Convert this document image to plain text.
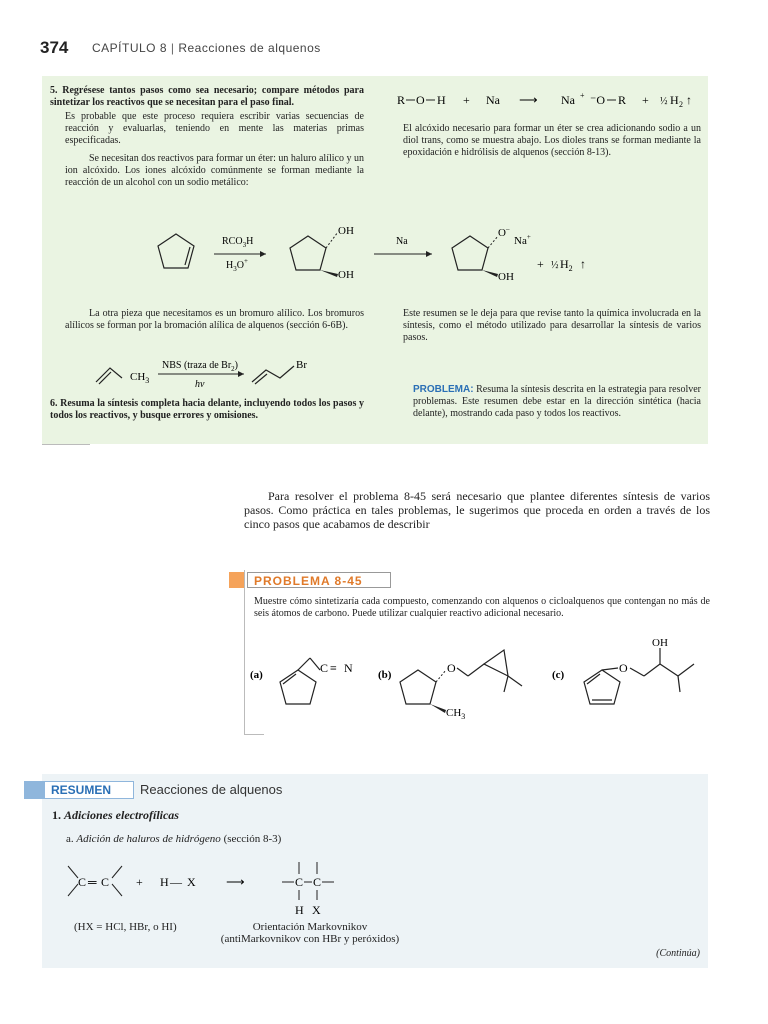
374 CAPÍTULO 8 | Reacciones de alquenos
5. Regrésese tantos pasos como sea necesario; compare métodos para sintetizar los reactivos que se necesitan para el paso final.
Es probable que este proceso requiera escribir varias secuencias de reacción y evaluarlas, teniendo en mente las materias primas especificadas.
Se necesitan dos reactivos para formar un éter: un haluro alílico y un ion alcóxido. Los iones alcóxido comúnmente se forman mediante la reacción de un alcohol con un sodio metálico:
R O H + Na ⟶ Na + ⁻O R + ½ H 2 ↑
El alcóxido necesario para formar un éter se crea adicionando sodio a un diol trans, como se muestra abajo. Los dioles trans se forman mediante la epoxidación e hidrólisis de alquenos (sección 8-13).
$RCO_3H$
$H_3O^+$
OH
OH
Na
O–
Na+
OH
+ ½ $H_2$ ↑
La otra pieza que necesitamos es un bromuro alílico. Los bromuros alílicos se forman por la bromación alílica de alquenos (sección 6-6B).
Este resumen se le deja para que revise tanto la química involucrada en la síntesis, como el método utilizado para desarrollar la síntesis de varios pasos.
$CH_3$
NBS (traza de $Br_2$)
hv
Br
6. Resuma la síntesis completa hacia delante, incluyendo todos los pasos y todos los reactivos, y busque errores y omisiones.
PROBLEMA: Resuma la síntesis descrita en la estrategia para resolver problemas. Este resumen debe estar en la dirección sintética (hacia delante), mostrando cada paso y todos los reactivos.
Para resolver el problema 8-45 será necesario que plantee diferentes síntesis de varios pasos. Como práctica en tales problemas, le sugerimos que proceda en orden a través de los cinco pasos que acabamos de describir
PROBLEMA 8-45
Muestre cómo sintetizaría cada compuesto, comenzando con alquenos o cicloalquenos que contengan no más de seis átomos de carbono. Puede utilizar cualquier reactivo adicional necesario.
(a)	C ≡ N (b)	O
$CH_3$
(c)	O
OH
RESUMEN	Reacciones de alquenos
1. Adiciones electrofílicas
a. Adición de haluros de hidrógeno (sección 8-3)
C ═ C + H — X ⟶	C C
H X
(HX = HCl, HBr, o HI)	Orientación Markovnikov
(antiMarkovnikov con HBr y peróxidos)
(Continúa)
